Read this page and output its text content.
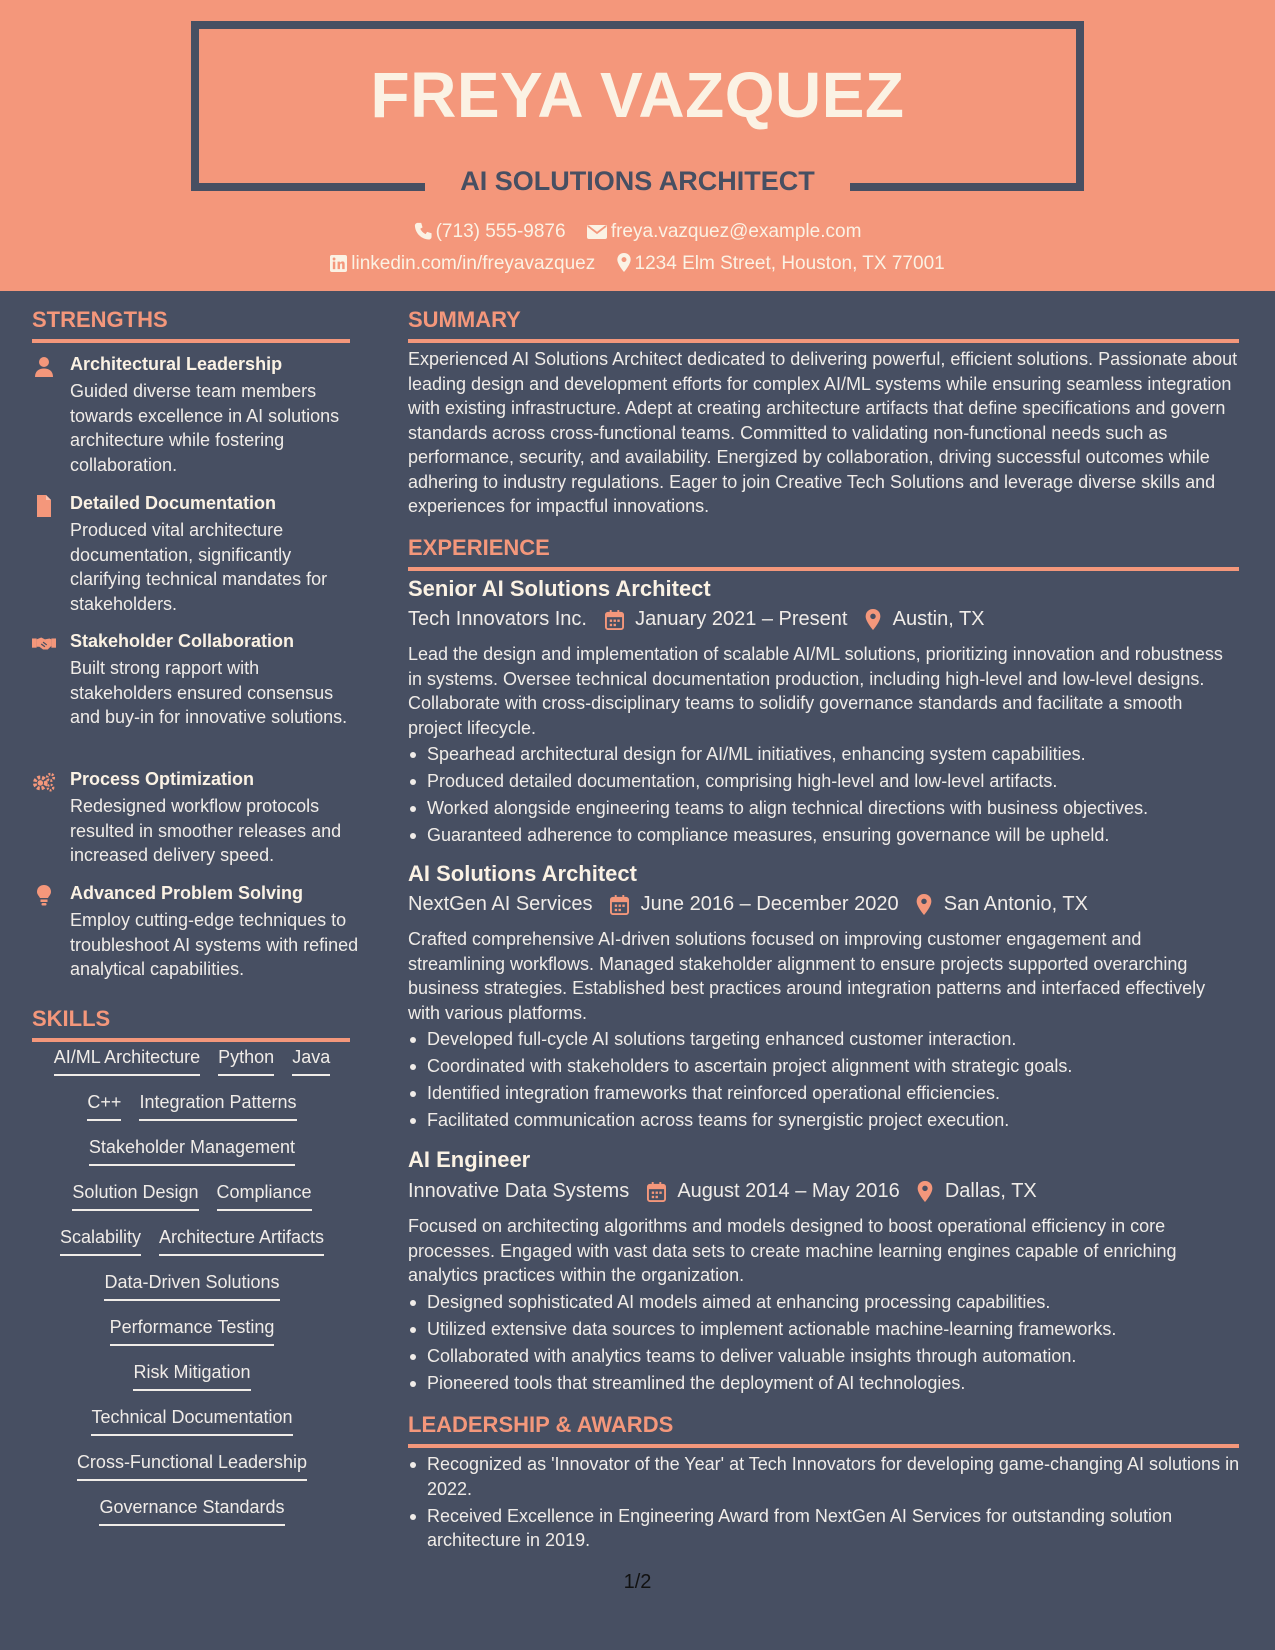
FREYA VAZQUEZ
AI SOLUTIONS ARCHITECT
(713) 555-9876 freya.vazquez@example.com
linkedin.com/in/freyavazquez 1234 Elm Street, Houston, TX 77001
STRENGTHS
Architectural Leadership
Guided diverse team members towards excellence in AI solutions architecture while fostering collaboration.
Detailed Documentation
Produced vital architecture documentation, significantly clarifying technical mandates for stakeholders.
Stakeholder Collaboration
Built strong rapport with stakeholders ensured consensus and buy-in for innovative solutions.
Process Optimization
Redesigned workflow protocols resulted in smoother releases and increased delivery speed.
Advanced Problem Solving
Employ cutting-edge techniques to troubleshoot AI systems with refined analytical capabilities.
SKILLS
AI/ML Architecture Python Java
C++ Integration Patterns
Stakeholder Management
Solution Design Compliance
Scalability Architecture Artifacts
Data-Driven Solutions
Performance Testing
Risk Mitigation
Technical Documentation
Cross-Functional Leadership
Governance Standards
SUMMARY
Experienced AI Solutions Architect dedicated to delivering powerful, efficient solutions. Passionate about leading design and development efforts for complex AI/ML systems while ensuring seamless integration with existing infrastructure. Adept at creating architecture artifacts that define specifications and govern standards across cross-functional teams. Committed to validating non-functional needs such as performance, security, and availability. Energized by collaboration, driving successful outcomes while adhering to industry regulations. Eager to join Creative Tech Solutions and leverage diverse skills and experiences for impactful innovations.
EXPERIENCE
Senior AI Solutions Architect
Tech Innovators Inc. January 2021 – Present Austin, TX
Lead the design and implementation of scalable AI/ML solutions, prioritizing innovation and robustness in systems. Oversee technical documentation production, including high-level and low-level designs. Collaborate with cross-disciplinary teams to solidify governance standards and facilitate a smooth project lifecycle.
Spearhead architectural design for AI/ML initiatives, enhancing system capabilities.
Produced detailed documentation, comprising high-level and low-level artifacts.
Worked alongside engineering teams to align technical directions with business objectives.
Guaranteed adherence to compliance measures, ensuring governance will be upheld.
AI Solutions Architect
NextGen AI Services June 2016 – December 2020 San Antonio, TX
Crafted comprehensive AI-driven solutions focused on improving customer engagement and streamlining workflows. Managed stakeholder alignment to ensure projects supported overarching business strategies. Established best practices around integration patterns and interfaced effectively with various platforms.
Developed full-cycle AI solutions targeting enhanced customer interaction.
Coordinated with stakeholders to ascertain project alignment with strategic goals.
Identified integration frameworks that reinforced operational efficiencies.
Facilitated communication across teams for synergistic project execution.
AI Engineer
Innovative Data Systems August 2014 – May 2016 Dallas, TX
Focused on architecting algorithms and models designed to boost operational efficiency in core processes. Engaged with vast data sets to create machine learning engines capable of enriching analytics practices within the organization.
Designed sophisticated AI models aimed at enhancing processing capabilities.
Utilized extensive data sources to implement actionable machine-learning frameworks.
Collaborated with analytics teams to deliver valuable insights through automation.
Pioneered tools that streamlined the deployment of AI technologies.
LEADERSHIP & AWARDS
Recognized as 'Innovator of the Year' at Tech Innovators for developing game-changing AI solutions in 2022.
Received Excellence in Engineering Award from NextGen AI Services for outstanding solution architecture in 2019.
1/2
